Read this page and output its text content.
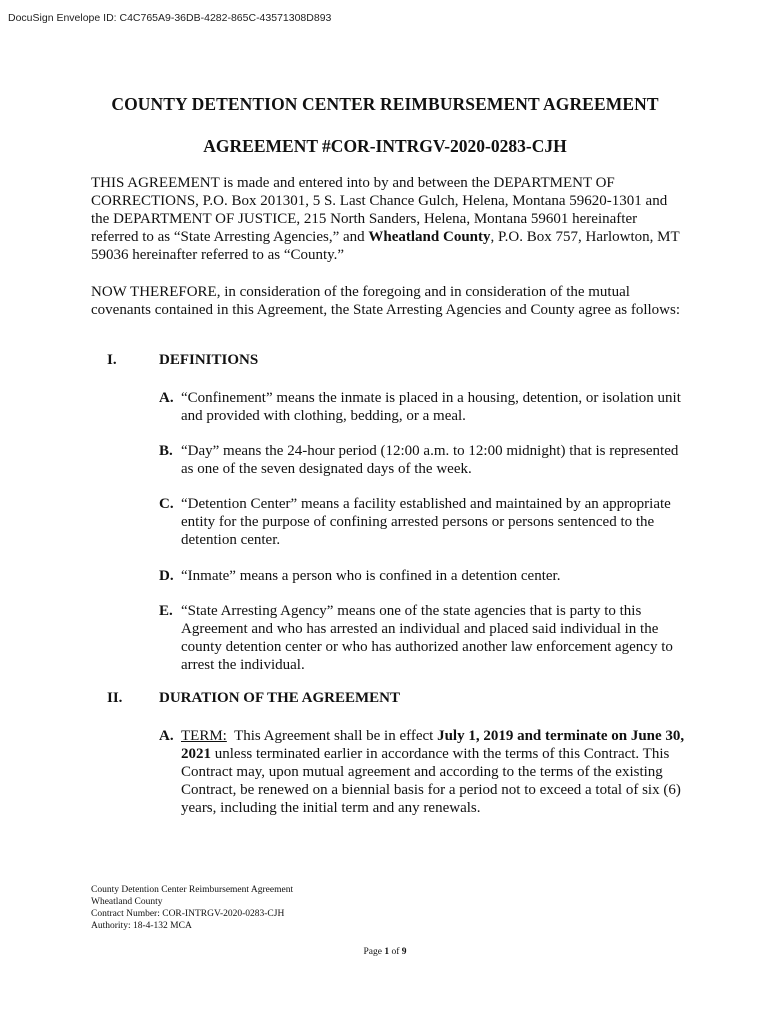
DocuSign Envelope ID: C4C765A9-36DB-4282-865C-43571308D893
COUNTY DETENTION CENTER REIMBURSEMENT AGREEMENT
AGREEMENT #COR-INTRGV-2020-0283-CJH
THIS AGREEMENT is made and entered into by and between the DEPARTMENT OF CORRECTIONS, P.O. Box 201301, 5 S. Last Chance Gulch, Helena, Montana 59620-1301 and the DEPARTMENT OF JUSTICE, 215 North Sanders, Helena, Montana 59601 hereinafter referred to as “State Arresting Agencies,” and Wheatland County, P.O. Box 757, Harlowton, MT 59036 hereinafter referred to as “County.”
NOW THEREFORE, in consideration of the foregoing and in consideration of the mutual covenants contained in this Agreement, the State Arresting Agencies and County agree as follows:
I.	DEFINITIONS
A. “Confinement” means the inmate is placed in a housing, detention, or isolation unit and provided with clothing, bedding, or a meal.
B. “Day” means the 24-hour period (12:00 a.m. to 12:00 midnight) that is represented as one of the seven designated days of the week.
C. “Detention Center” means a facility established and maintained by an appropriate entity for the purpose of confining arrested persons or persons sentenced to the detention center.
D. “Inmate” means a person who is confined in a detention center.
E. “State Arresting Agency” means one of the state agencies that is party to this Agreement and who has arrested an individual and placed said individual in the county detention center or who has authorized another law enforcement agency to arrest the individual.
II. DURATION OF THE AGREEMENT
A. TERM:  This Agreement shall be in effect July 1, 2019 and terminate on June 30, 2021 unless terminated earlier in accordance with the terms of this Contract. This Contract may, upon mutual agreement and according to the terms of the existing Contract, be renewed on a biennial basis for a period not to exceed a total of six (6) years, including the initial term and any renewals.
County Detention Center Reimbursement Agreement
Wheatland County
Contract Number: COR-INTRGV-2020-0283-CJH
Authority: 18-4-132 MCA
Page 1 of 9
